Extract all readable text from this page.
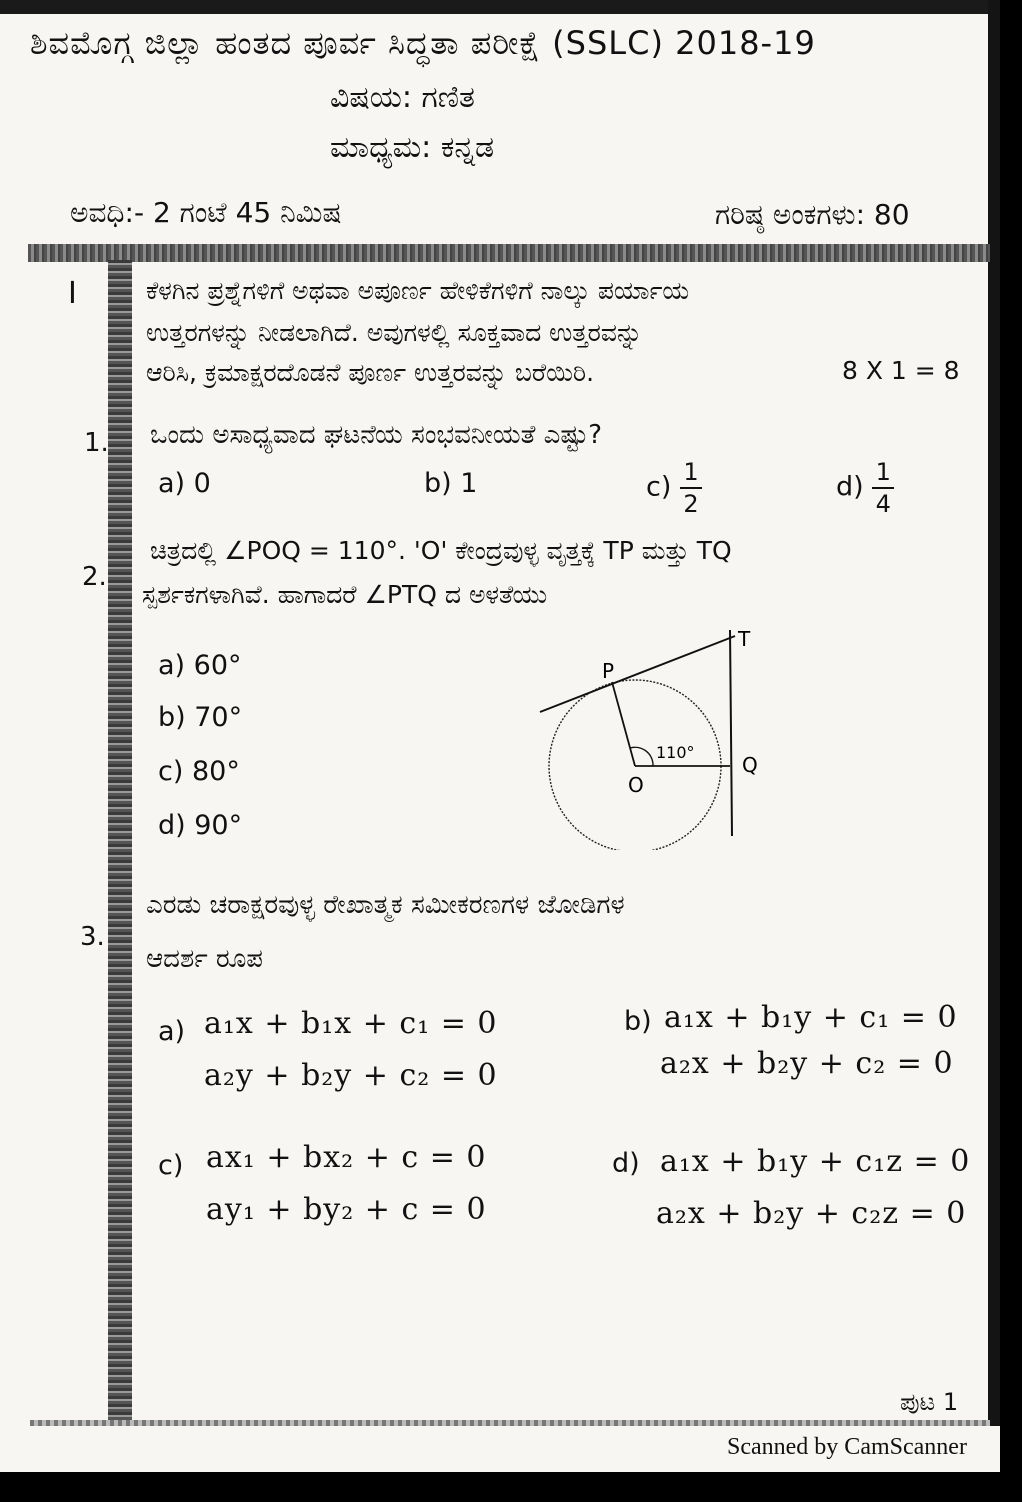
ಶಿವಮೊಗ್ಗ ಜಿಲ್ಲಾ ಹಂತದ ಪೂರ್ವ ಸಿದ್ಧತಾ ಪರೀಕ್ಷೆ (SSLC) 2018-19
ವಿಷಯ: ಗಣಿತ
ಮಾಧ್ಯಮ: ಕನ್ನಡ
ಅವಧಿ:- 2 ಗಂಟೆ 45 ನಿಮಿಷ	ಗರಿಷ್ಠ ಅಂಕಗಳು: 80
I	ಕೆಳಗಿನ ಪ್ರಶ್ನೆಗಳಿಗೆ ಅಥವಾ ಅಪೂರ್ಣ ಹೇಳಿಕೆಗಳಿಗೆ ನಾಲ್ಕು ಪರ್ಯಾಯ
ಉತ್ತರಗಳನ್ನು ನೀಡಲಾಗಿದೆ. ಅವುಗಳಲ್ಲಿ ಸೂಕ್ತವಾದ ಉತ್ತರವನ್ನು
ಆರಿಸಿ, ಕ್ರಮಾಕ್ಷರದೊಡನೆ ಪೂರ್ಣ ಉತ್ತರವನ್ನು ಬರೆಯಿರಿ.	8 X 1 = 8
1. ಒಂದು ಅಸಾಧ್ಯವಾದ ಘಟನೆಯ ಸಂಭವನೀಯತೆ ಎಷ್ಟು?
a) 0	b) 1	$c) \frac{1}{2}$	$d) \frac{1}{4}$
2.
ಚಿತ್ರದಲ್ಲಿ ∠POQ = 110°. 'O' ಕೇಂದ್ರವುಳ್ಳ ವೃತ್ತಕ್ಕೆ TP ಮತ್ತು TQ
ಸ್ಪರ್ಶಕಗಳಾಗಿವೆ. ಹಾಗಾದರೆ ∠PTQ ದ ಅಳತೆಯು
a) 60°
b) 70°
c) 80°
d) 90°
P
T
O
Q
110°
3.
ಎರಡು ಚರಾಕ್ಷರವುಳ್ಳ ರೇಖಾತ್ಮಕ ಸಮೀಕರಣಗಳ ಜೋಡಿಗಳ
ಆದರ್ಶ ರೂಪ
a) a₁x + b₁x + c₁ = 0
a₂y + b₂y + c₂ = 0
b) a₁x + b₁y + c₁ = 0
a₂x + b₂y + c₂ = 0
c) ax₁ + bx₂ + c = 0
ay₁ + by₂ + c = 0
d) a₁x + b₁y + c₁z = 0
a₂x + b₂y + c₂z = 0
ಪುಟ 1
Scanned by CamScanner
